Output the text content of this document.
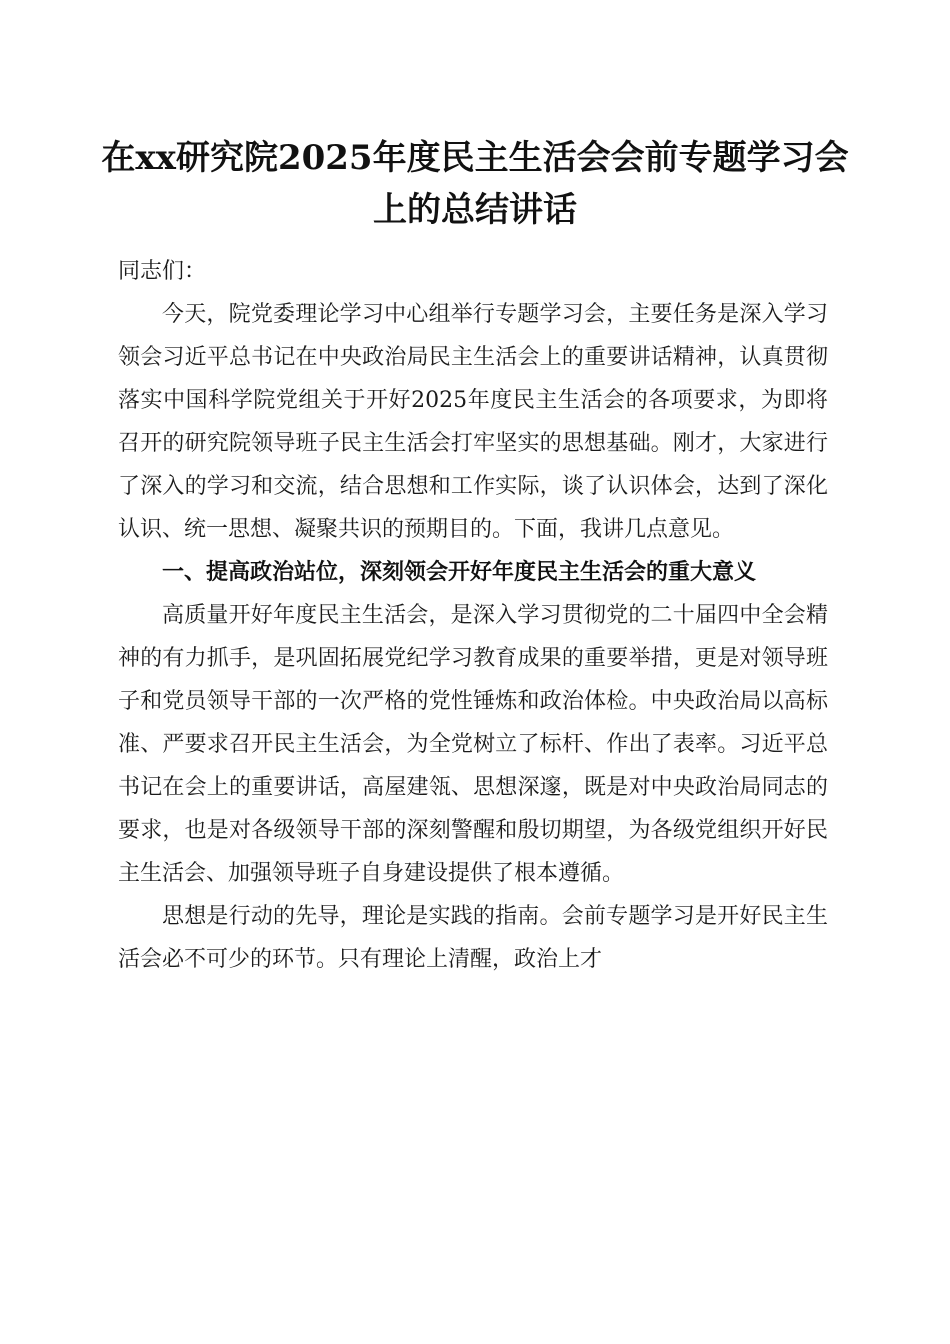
在xx研究院2025年度民主生活会会前专题学习会上的总结讲话

同志们：

今天，院党委理论学习中心组举行专题学习会，主要任务是深入学习领会习近平总书记在中央政治局民主生活会上的重要讲话精神，认真贯彻落实中国科学院党组关于开好2025年度民主生活会的各项要求，为即将召开的研究院领导班子民主生活会打牢坚实的思想基础。刚才，大家进行了深入的学习和交流，结合思想和工作实际，谈了认识体会，达到了深化认识、统一思想、凝聚共识的预期目的。下面，我讲几点意见。

一、提高政治站位，深刻领会开好年度民主生活会的重大意义

高质量开好年度民主生活会，是深入学习贯彻党的二十届四中全会精神的有力抓手，是巩固拓展党纪学习教育成果的重要举措，更是对领导班子和党员领导干部的一次严格的党性锤炼和政治体检。中央政治局以高标准、严要求召开民主生活会，为全党树立了标杆、作出了表率。习近平总书记在会上的重要讲话，高屋建瓴、思想深邃，既是对中央政治局同志的要求，也是对各级领导干部的深刻警醒和殷切期望，为各级党组织开好民主生活会、加强领导班子自身建设提供了根本遵循。

思想是行动的先导，理论是实践的指南。会前专题学习是开好民主生活会必不可少的环节。只有理论上清醒，政治上才
